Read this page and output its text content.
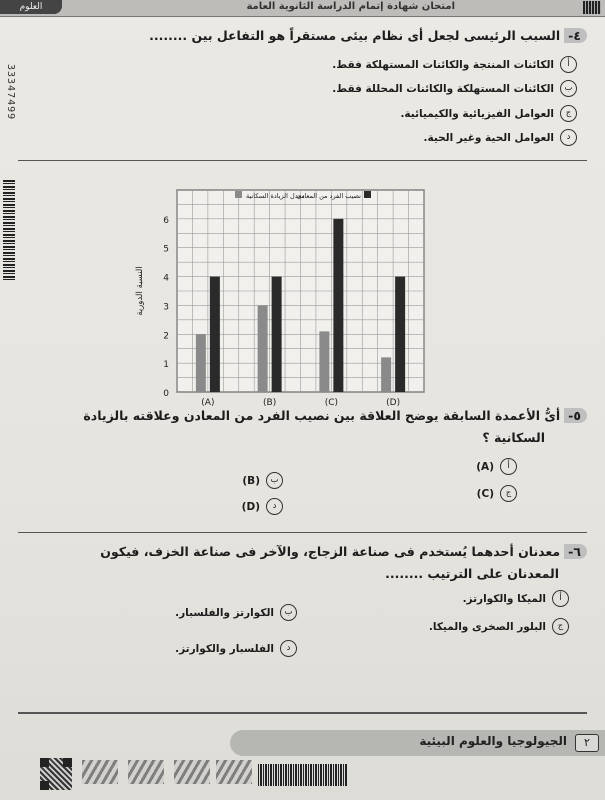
العلوم	امتحان شهادة إتمام الدراسة الثانوية العامة
33347499
٤-السبب الرئيسى لجعل أى نظام بيئى مستقراً هو التفاعل بين ........
أ
الكائنات المنتجة والكائنات المستهلكة فقط.
ب
الكائنات المستهلكة والكائنات المحللة فقط.
ج
العوامل الفيزيائية والكيميائية.
د
العوامل الحية وغير الحية.
0
1
2
3
4
5
6
النسبة الدورية
(A)	(B)	(C)	(D)
نصيب الفرد من المعادن
معدل الزيادة السكانية
٥-أىُّ الأعمدة السابقة يوضح العلاقة بين نصيب الفرد من المعادن وعلاقته بالزيادة
السكانية ؟
أ
(A)
ب
(B)
ج
(C)
د
(D)
٦-معدنان أحدهما يُستخدم فى صناعة الزجاج، والآخر فى صناعة الخزف، فيكون
المعدنان على الترتيب ........
أ
الميكا والكوارتز.
ب
الكوارتز والفلسبار.
ج
البلور الصخرى والميكا.
د
الفلسبار والكوارتز.
الجيولوجيا والعلوم البيئية	٢
